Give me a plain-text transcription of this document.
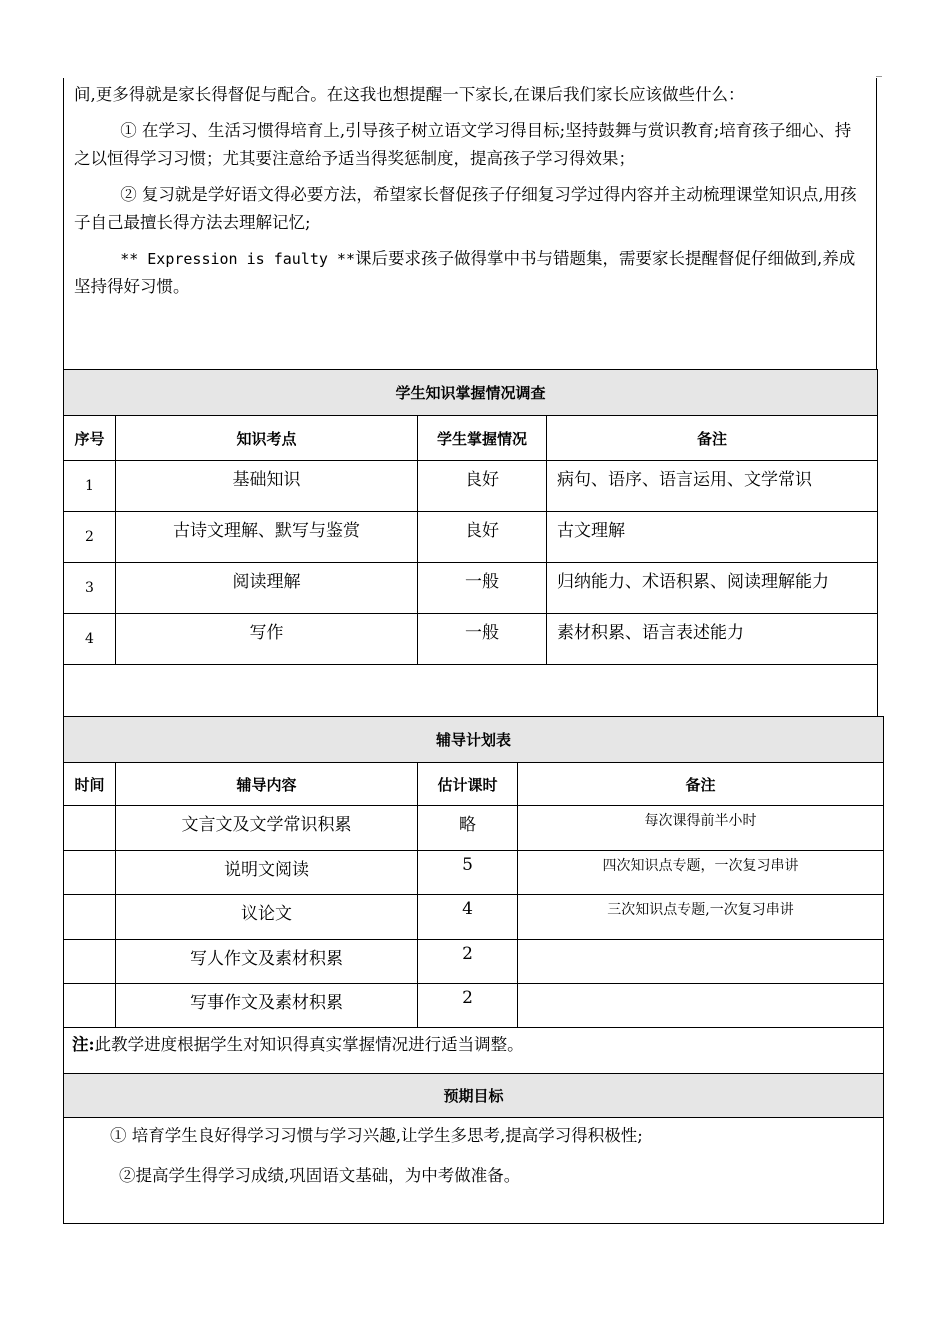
间,更多得就是家长得督促与配合。在这我也想提醒一下家长,在课后我们家长应该做些什么：

① 在学习、生活习惯得培育上,引导孩子树立语文学习得目标;坚持鼓舞与赏识教育;培育孩子细心、持之以恒得学习习惯；尤其要注意给予适当得奖惩制度，提高孩子学习得效果；

② 复习就是学好语文得必要方法，希望家长督促孩子仔细复习学过得内容并主动梳理课堂知识点,用孩子自己最擅长得方法去理解记忆;

** Expression is faulty **课后要求孩子做得掌中书与错题集，需要家长提醒督促仔细做到,养成坚持得好习惯。

学生知识掌握情况调查			
序号	知识考点	学生掌握情况	备注
1	基础知识	良好	病句、语序、语言运用、文学常识
2	古诗文理解、默写与鉴赏	良好	古文理解
3	阅读理解	一般	归纳能力、术语积累、阅读理解能力
4	写作	一般	素材积累、语言表述能力

辅导计划表			
时间	辅导内容	估计课时	备注
	文言文及文学常识积累	略	每次课得前半小时
	说明文阅读	5	四次知识点专题，一次复习串讲
	议论文	4	三次知识点专题,一次复习串讲
	写人作文及素材积累	2	
	写事作文及素材积累	2	
注:此教学进度根据学生对知识得真实掌握情况进行适当调整。			
预期目标			

① 培育学生良好得学习习惯与学习兴趣,让学生多思考,提高学习得积极性;

②提高学生得学习成绩,巩固语文基础，为中考做准备。			
